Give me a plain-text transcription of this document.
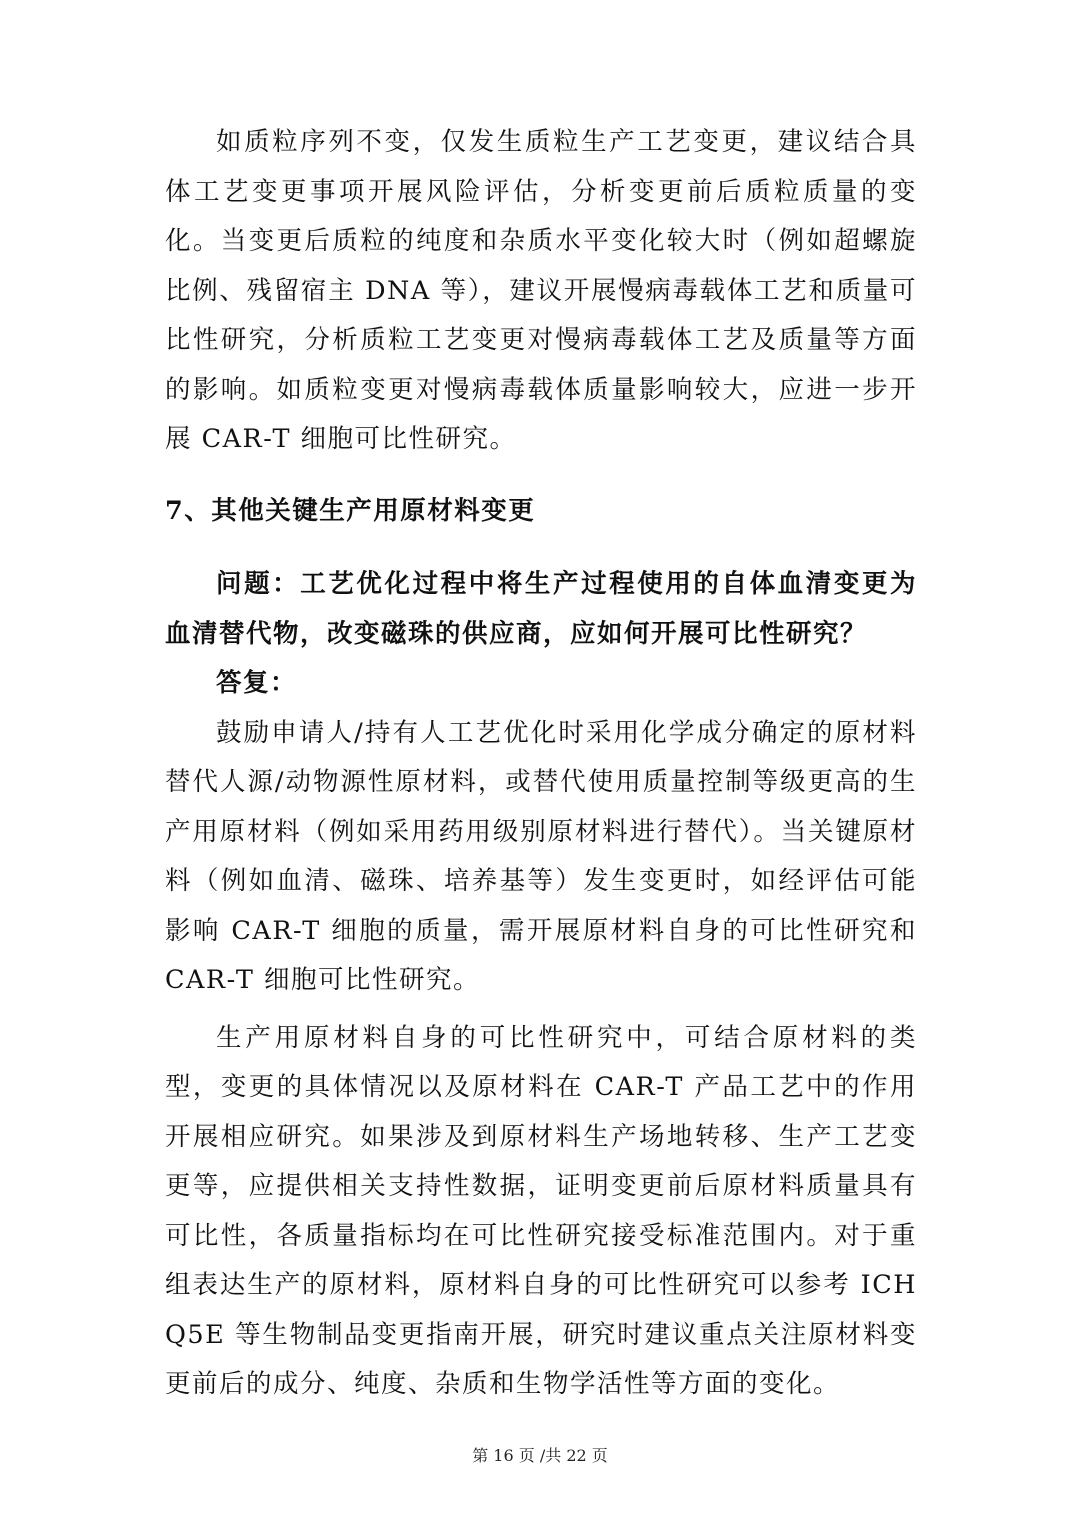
如质粒序列不变，仅发生质粒生产工艺变更，建议结合具体工艺变更事项开展风险评估，分析变更前后质粒质量的变化。当变更后质粒的纯度和杂质水平变化较大时（例如超螺旋比例、残留宿主 DNA 等），建议开展慢病毒载体工艺和质量可比性研究，分析质粒工艺变更对慢病毒载体工艺及质量等方面的影响。如质粒变更对慢病毒载体质量影响较大，应进一步开展 CAR-T 细胞可比性研究。

7、其他关键生产用原材料变更

问题：工艺优化过程中将生产过程使用的自体血清变更为血清替代物，改变磁珠的供应商，应如何开展可比性研究？

答复：

鼓励申请人/持有人工艺优化时采用化学成分确定的原材料替代人源/动物源性原材料，或替代使用质量控制等级更高的生产用原材料（例如采用药用级别原材料进行替代）。当关键原材料（例如血清、磁珠、培养基等）发生变更时，如经评估可能影响 CAR-T 细胞的质量，需开展原材料自身的可比性研究和 CAR-T 细胞可比性研究。

生产用原材料自身的可比性研究中，可结合原材料的类型，变更的具体情况以及原材料在 CAR-T 产品工艺中的作用开展相应研究。如果涉及到原材料生产场地转移、生产工艺变更等，应提供相关支持性数据，证明变更前后原材料质量具有可比性，各质量指标均在可比性研究接受标准范围内。对于重组表达生产的原材料，原材料自身的可比性研究可以参考 ICH Q5E 等生物制品变更指南开展，研究时建议重点关注原材料变更前后的成分、纯度、杂质和生物学活性等方面的变化。

第 16 页 /共 22 页
